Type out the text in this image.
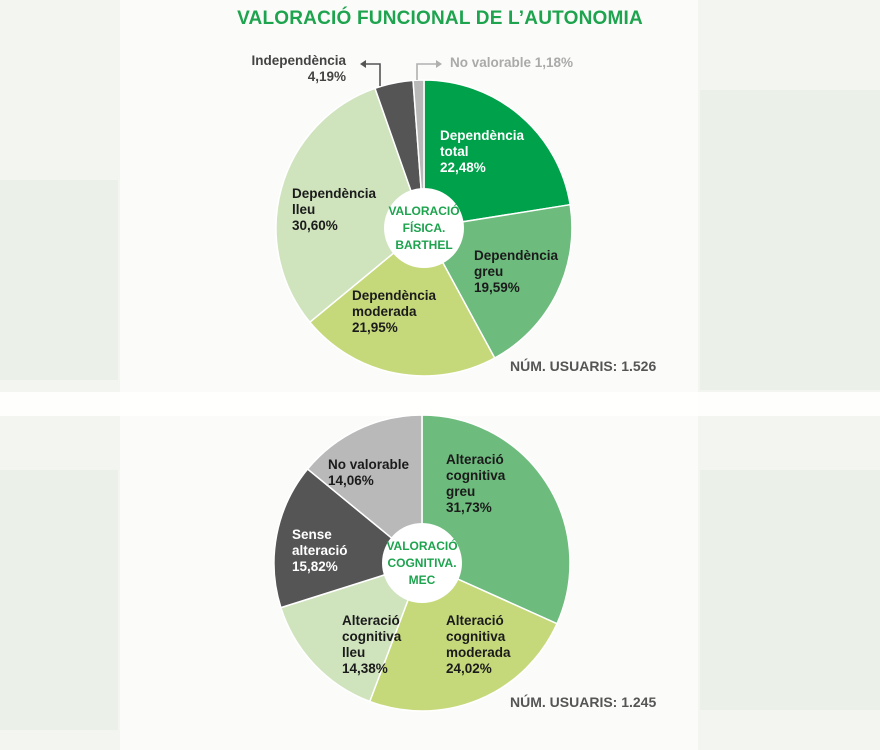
VALORACIÓ FUNCIONAL DE L’AUTONOMIA
VALORACIÓ FÍSICA. BARTHEL
Dependència total 22,48%
Dependència greu 19,59%
Dependència moderada 21,95%
Dependència lleu 30,60%
Independència 4,19%
No valorable 1,18%
VALORACIÓ COGNITIVA. MEC
Alteració cognitiva greu 31,73%
Alteració cognitiva moderada 24,02%
Alteració cognitiva lleu 14,38%
Sense alteració 15,82%
No valorable 14,06%
NÚM. USUARIS: 1.526
NÚM. USUARIS: 1.245
